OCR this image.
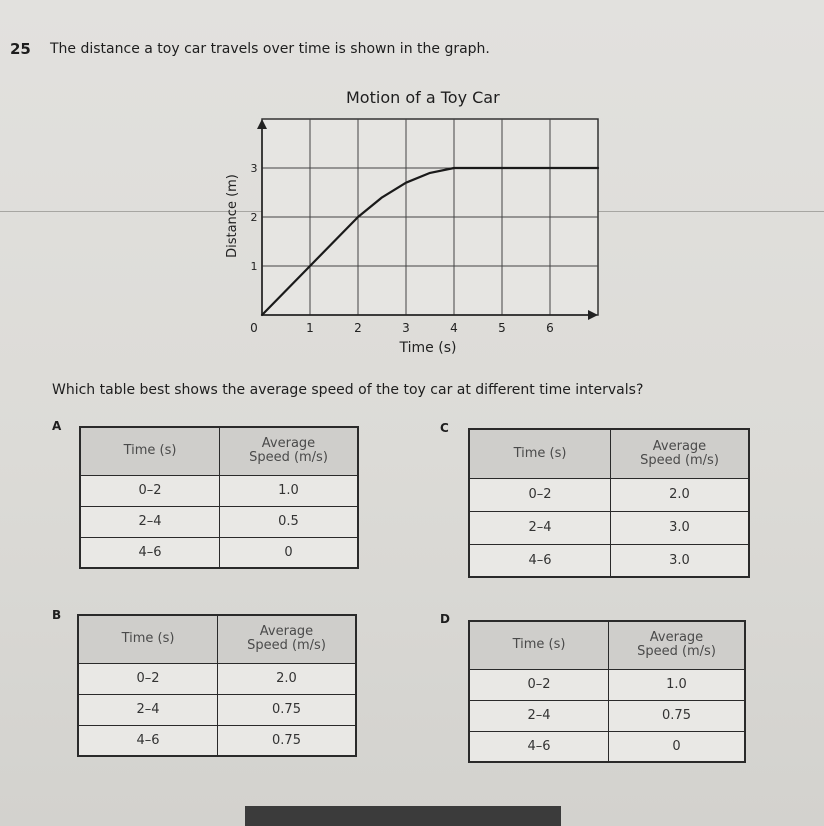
25 The distance a toy car travels over time is shown in the graph.
Motion of a Toy Car
0	1	2	3	4	5	6
1
2
3
Time (s)
Distance (m)
Which table best shows the average speed of the toy car at different time intervals?
A
Time (s)	Average
Speed (m/s)
0–2	1.0
2–4	0.5
4–6	0
B
Time (s)	Average
Speed (m/s)
0–2	2.0
2–4	0.75
4–6	0.75
C
Time (s)	Average
Speed (m/s)
0–2	2.0
2–4	3.0
4–6	3.0
D
Time (s)	Average
Speed (m/s)
0–2	1.0
2–4	0.75
4–6	0
